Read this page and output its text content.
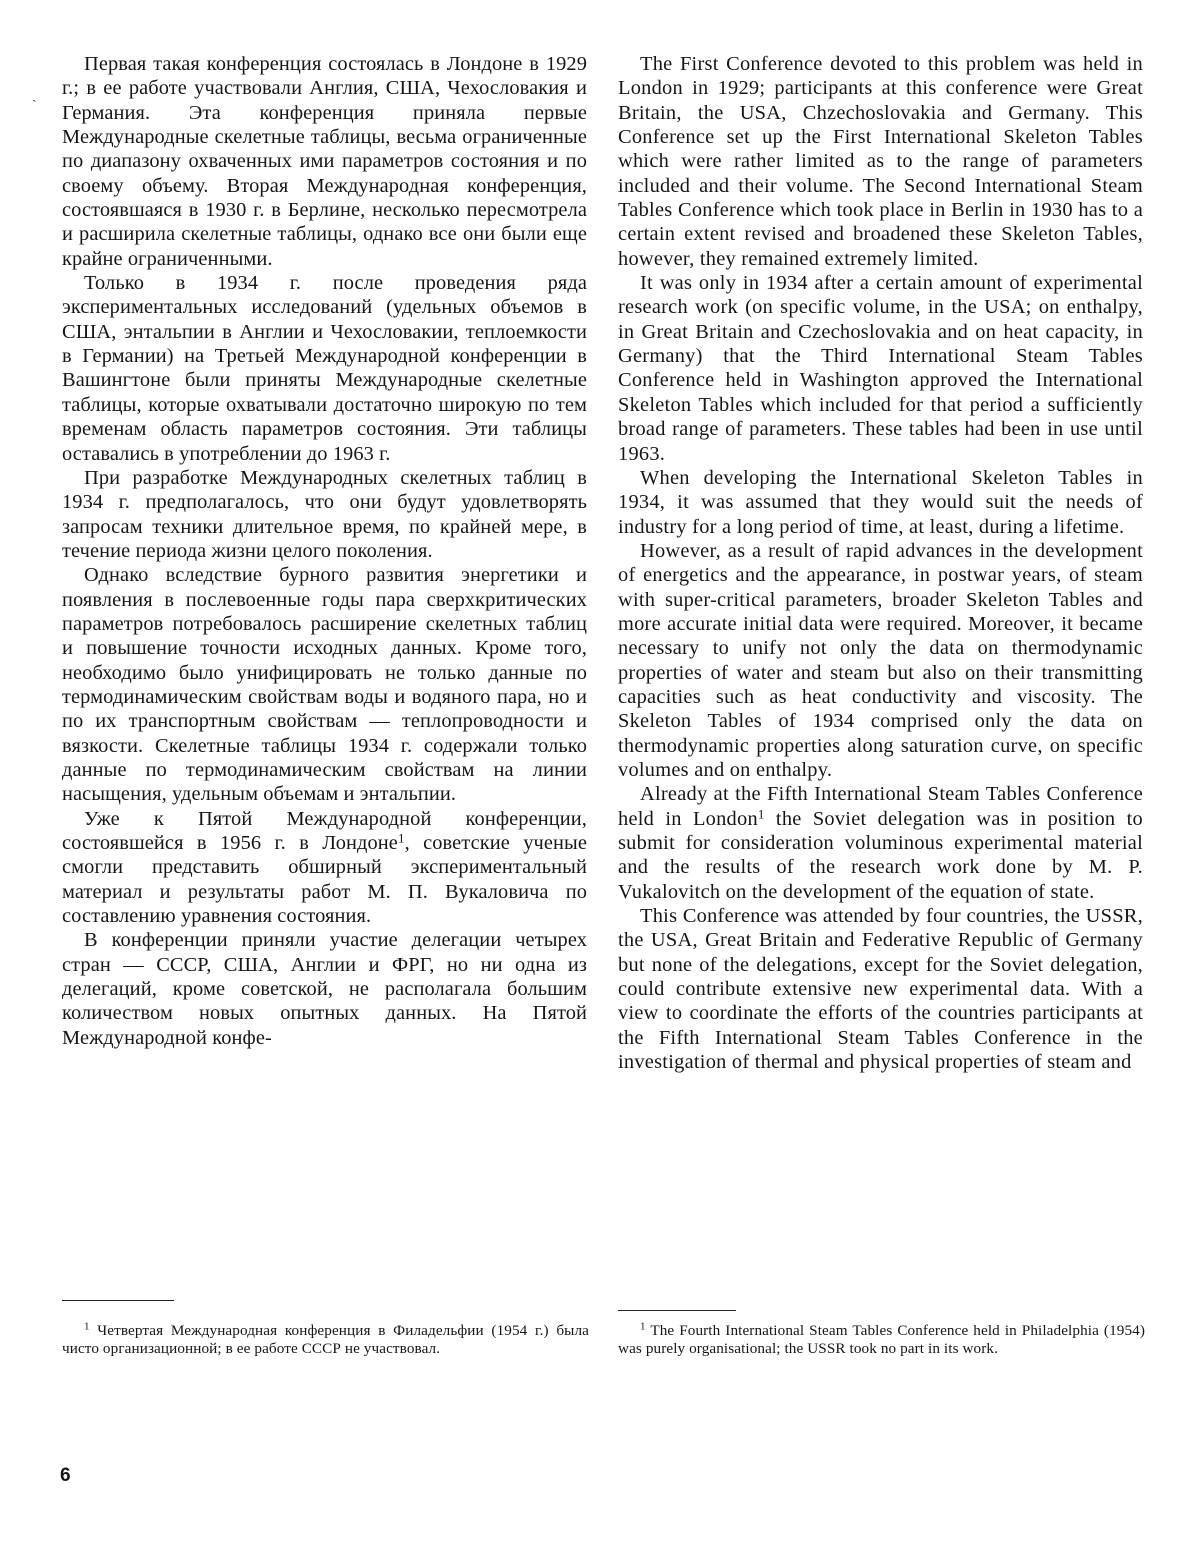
ˏ

Первая такая конференция состоялась в Лондоне в 1929 г.; в ее работе участвовали Англия, США, Чехословакия и Германия. Эта конференция приняла первые Международные скелетные таблицы, весьма ограниченные по диапазону охваченных ими параметров состояния и по своему объему. Вторая Международная конференция, состоявшаяся в 1930 г. в Берлине, несколько пересмотрела и расширила скелетные таблицы, однако все они были еще крайне ограниченными.

Только в 1934 г. после проведения ряда экспериментальных исследований (удельных объемов в США, энтальпии в Англии и Чехословакии, теплоемкости в Германии) на Третьей Международной конференции в Вашингтоне были приняты Международные скелетные таблицы, которые охватывали достаточно широкую по тем временам область параметров состояния. Эти таблицы оставались в употреблении до 1963 г.

При разработке Международных скелетных таблиц в 1934 г. предполагалось, что они будут удовлетворять запросам техники длительное время, по крайней мере, в течение периода жизни целого поколения.

Однако вследствие бурного развития энергетики и появления в послевоенные годы пара сверхкритических параметров потребовалось расширение скелетных таблиц и повышение точности исходных данных. Кроме того, необходимо было унифицировать не только данные по термодинамическим свойствам воды и водяного пара, но и по их транспортным свойствам — теплопроводности и вязкости. Скелетные таблицы 1934 г. содержали только данные по термодинамическим свойствам на линии насыщения, удельным объемам и энтальпии.

Уже к Пятой Международной конференции, состоявшейся в 1956 г. в Лондоне$^1$, советские ученые смогли представить обширный экспериментальный материал и результаты работ М. П. Вукаловича по составлению уравнения состояния.

В конференции приняли участие делегации четырех стран — СССР, США, Англии и ФРГ, но ни одна из делегаций, кроме советской, не располагала большим количеством новых опытных данных. На Пятой Международной конфе-

The First Conference devoted to this problem was held in London in 1929; participants at this conference were Great Britain, the USA, Chzechoslovakia and Germany. This Conference set up the First International Skeleton Tables which were rather limited as to the range of parameters included and their volume. The Second International Steam Tables Conference which took place in Berlin in 1930 has to a certain extent revised and broadened these Skeleton Tables, however, they remained extremely limited.

It was only in 1934 after a certain amount of experimental research work (on specific volume, in the USA; on enthalpy, in Great Britain and Czechoslovakia and on heat capacity, in Germany) that the Third International Steam Tables Conference held in Washington approved the International Skeleton Tables which included for that period a sufficiently broad range of parameters. These tables had been in use until 1963.

When developing the International Skeleton Tables in 1934, it was assumed that they would suit the needs of industry for a long period of time, at least, during a lifetime.

However, as a result of rapid advances in the development of energetics and the appearance, in postwar years, of steam with super-critical parameters, broader Skeleton Tables and more accurate initial data were required. Moreover, it became necessary to unify not only the data on thermodynamic properties of water and steam but also on their transmitting capacities such as heat conductivity and viscosity. The Skeleton Tables of 1934 comprised only the data on thermodynamic properties along saturation curve, on specific volumes and on enthalpy.

Already at the Fifth International Steam Tables Conference held in London$^1$ the Soviet delegation was in position to submit for consideration voluminous experimental material and the results of the research work done by M. P. Vukalovitch on the development of the equation of state.

This Conference was attended by four countries, the USSR, the USA, Great Britain and Federative Republic of Germany but none of the delegations, except for the Soviet delegation, could contribute extensive new experimental data. With a view to coordinate the efforts of the countries participants at the Fifth International Steam Tables Conference in the investigation of thermal and physical properties of steam and

$^1$ Четвертая Международная конференция в Филадельфии (1954 г.) была чисто организационной; в ее работе СССР не участвовал.

$^1$ The Fourth International Steam Tables Conference held in Philadelphia (1954) was purely organisational; the USSR took no part in its work.

6
